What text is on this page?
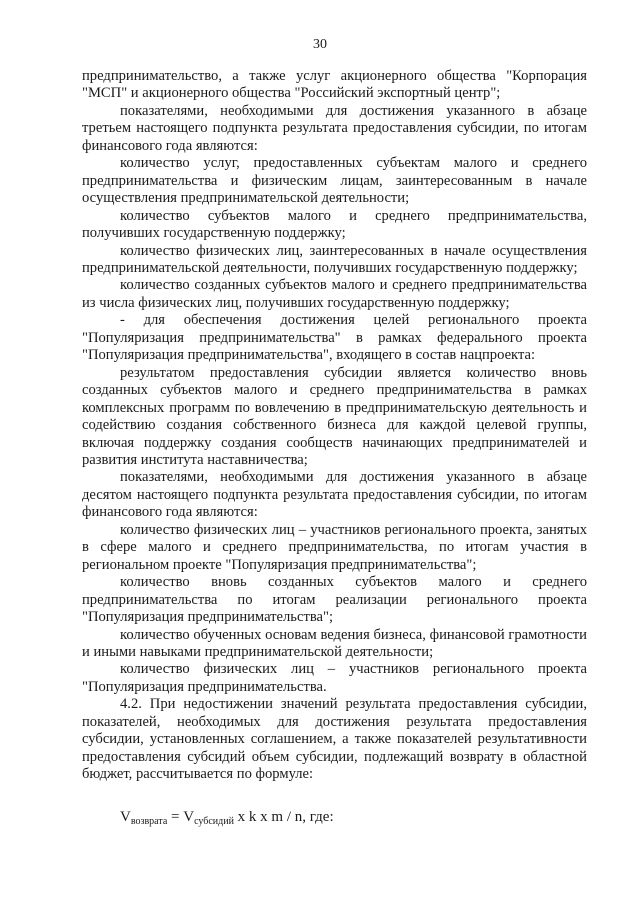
30

предпринимательство, а также услуг акционерного общества "Корпорация "МСП" и акционерного общества "Российский экспортный центр";

показателями, необходимыми для достижения указанного в абзаце третьем настоящего подпункта результата предоставления субсидии, по итогам финансового года являются:

количество услуг, предоставленных субъектам малого и среднего предпринимательства и физическим лицам, заинтересованным в начале осуществления предпринимательской деятельности;

количество субъектов малого и среднего предпринимательства, получивших государственную поддержку;

количество физических лиц, заинтересованных в начале осуществления предпринимательской деятельности, получивших государственную поддержку;

количество созданных субъектов малого и среднего предпринимательства из числа физических лиц, получивших государственную поддержку;

- для обеспечения достижения целей регионального проекта "Популяризация предпринимательства" в рамках федерального проекта "Популяризация предпринимательства", входящего в состав нацпроекта:

результатом предоставления субсидии является количество вновь созданных субъектов малого и среднего предпринимательства в рамках комплексных программ по вовлечению в предпринимательскую деятельность и содействию создания собственного бизнеса для каждой целевой группы, включая поддержку создания сообществ начинающих предпринимателей и развития института наставничества;

показателями, необходимыми для достижения указанного в абзаце десятом настоящего подпункта результата предоставления субсидии, по итогам финансового года являются:

количество физических лиц – участников регионального проекта, занятых в сфере малого и среднего предпринимательства, по итогам участия в региональном проекте "Популяризация предпринимательства";

количество вновь созданных субъектов малого и среднего предпринимательства по итогам реализации регионального проекта "Популяризация предпринимательства";

количество обученных основам ведения бизнеса, финансовой грамотности и иными навыками предпринимательской деятельности;

количество физических лиц – участников регионального проекта "Популяризация предпринимательства.

4.2. При недостижении значений результата предоставления субсидии, показателей, необходимых для достижения результата предоставления субсидии, установленных соглашением, а также показателей результативности предоставления субсидий объем субсидии, подлежащий возврату в областной бюджет, рассчитывается по формуле:

$V_{возврата} = V_{субсидий}$ x k x m / n, где:
